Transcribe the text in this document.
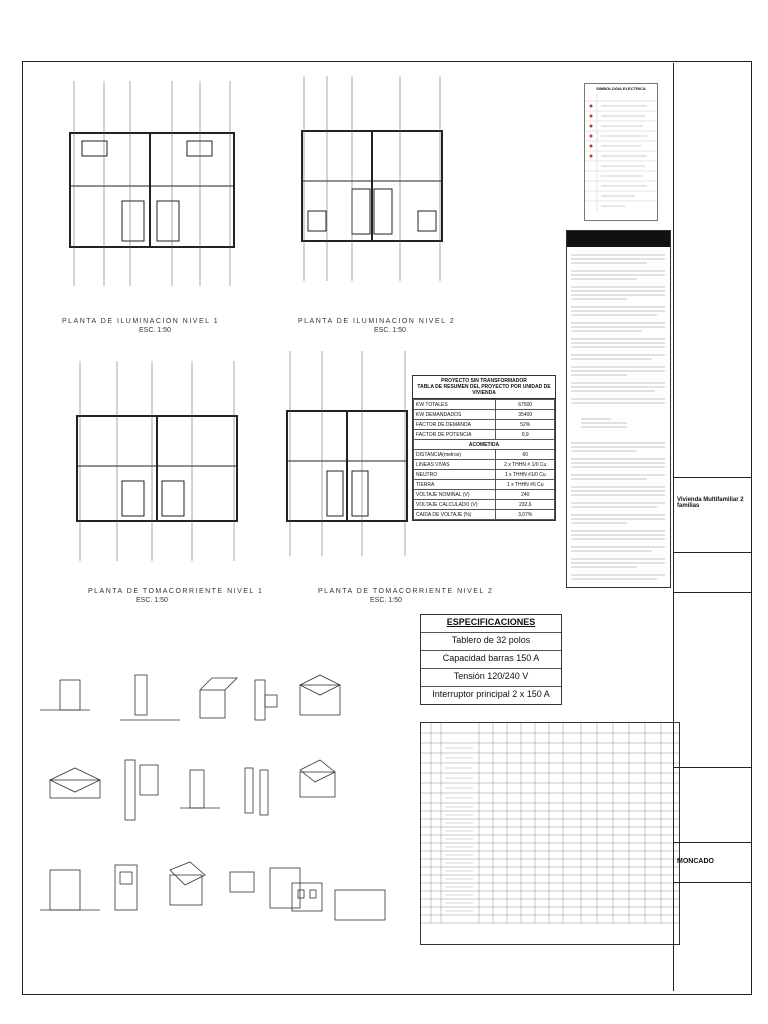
PLANTA DE ILUMINACION NIVEL 1
ESC. 1:50
PLANTA DE ILUMINACION NIVEL 2
ESC. 1:50
PLANTA DE TOMACORRIENTE NIVEL 1
ESC. 1:50
PLANTA DE TOMACORRIENTE NIVEL 2
ESC. 1:50
SIMBOLOGIA ELECTRICA
PROYECTO SIN TRANSFORMADOR
TABLA DE RESUMEN DEL PROYECTO POR UNIDAD DE VIVIENDA
KW TOTALES	67500
KW DEMANDADOS	35400
FACTOR DE DEMANDA	52%
FACTOR DE POTENCIA	0,9
ACOMETIDA	
DISTANCIA(metros)	60
LINEAS VIVAS	2 x THHN # 1/0 Cu
NEUTRO	1 x THHN #1/0 Cu
TIERRA	1 x THHN #6 Cu
VOLTAJE NOMINAL (V)	240
VOLTAJE CALCULADO (V)	232,6
CAIDA DE VOLTAJE (%)	3,07%
ESPECIFICACIONES
Tablero de 32 polos
Capacidad barras 150 A
Tensión 120/240 V
Interruptor principal 2 x 150 A
Vivienda Multifamiliar 2 familias
MONCADO
